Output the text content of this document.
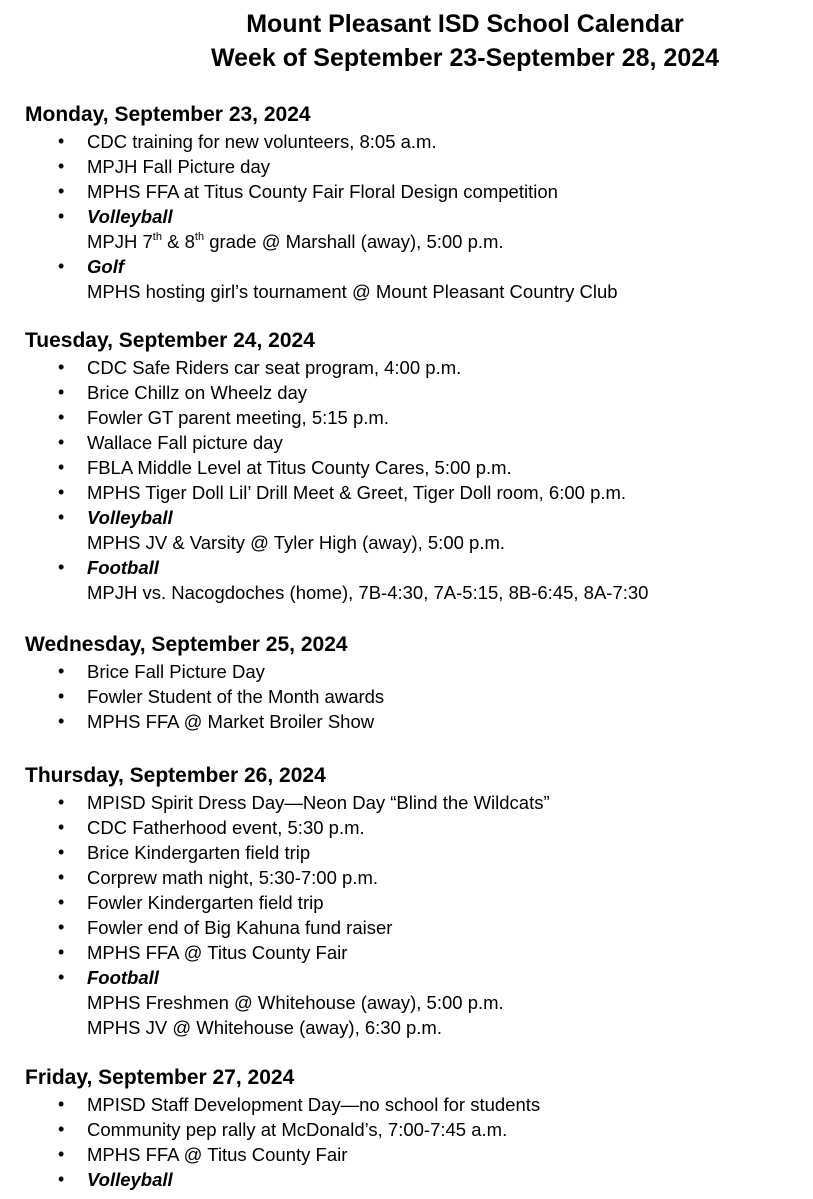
Mount Pleasant ISD School Calendar
Week of September 23-September 28, 2024
Monday, September 23, 2024
• CDC training for new volunteers, 8:05 a.m.
• MPJH Fall Picture day
• MPHS FFA at Titus County Fair Floral Design competition
• Volleyball
MPJH 7th & 8th grade @ Marshall (away), 5:00 p.m.
• Golf
MPHS hosting girl’s tournament @ Mount Pleasant Country Club
Tuesday, September 24, 2024
• CDC Safe Riders car seat program, 4:00 p.m.
• Brice Chillz on Wheelz day
• Fowler GT parent meeting, 5:15 p.m.
• Wallace Fall picture day
• FBLA Middle Level at Titus County Cares, 5:00 p.m.
• MPHS Tiger Doll Lil’ Drill Meet & Greet, Tiger Doll room, 6:00 p.m.
• Volleyball
MPHS JV & Varsity @ Tyler High (away), 5:00 p.m.
• Football
MPJH vs. Nacogdoches (home), 7B-4:30, 7A-5:15, 8B-6:45, 8A-7:30
Wednesday, September 25, 2024
• Brice Fall Picture Day
• Fowler Student of the Month awards
• MPHS FFA @ Market Broiler Show
Thursday, September 26, 2024
• MPISD Spirit Dress Day—Neon Day “Blind the Wildcats”
• CDC Fatherhood event, 5:30 p.m.
• Brice Kindergarten field trip
• Corprew math night, 5:30-7:00 p.m.
• Fowler Kindergarten field trip
• Fowler end of Big Kahuna fund raiser
• MPHS FFA @ Titus County Fair
• Football
MPHS Freshmen @ Whitehouse (away), 5:00 p.m.
MPHS JV @ Whitehouse (away), 6:30 p.m.
Friday, September 27, 2024
• MPISD Staff Development Day—no school for students
• Community pep rally at McDonald’s, 7:00-7:45 a.m.
• MPHS FFA @ Titus County Fair
• Volleyball
